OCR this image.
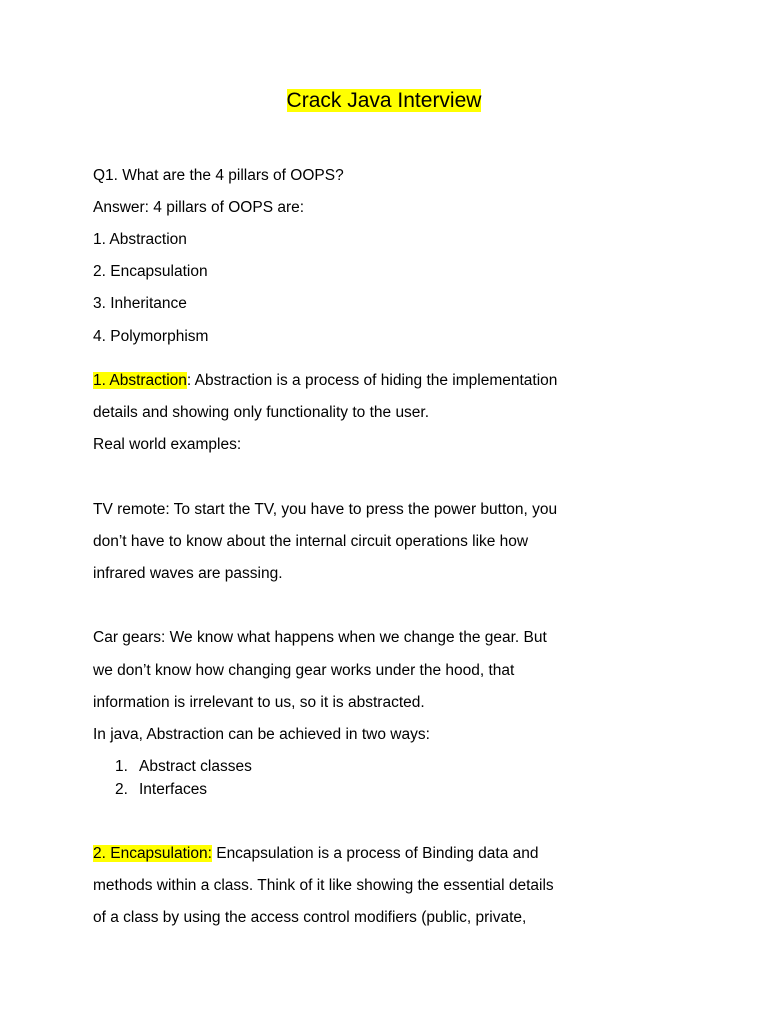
Crack Java Interview
Q1. What are the 4 pillars of OOPS?
Answer: 4 pillars of OOPS are:
1. Abstraction
2. Encapsulation
3. Inheritance
4. Polymorphism
1. Abstraction: Abstraction is a process of hiding the implementation
details and showing only functionality to the user.
Real world examples:
TV remote: To start the TV, you have to press the power button, you
don’t have to know about the internal circuit operations like how
infrared waves are passing.
Car gears: We know what happens when we change the gear. But
we don’t know how changing gear works under the hood, that
information is irrelevant to us, so it is abstracted.
In java, Abstraction can be achieved in two ways:
1. Abstract classes
2. Interfaces
2. Encapsulation: Encapsulation is a process of Binding data and
methods within a class. Think of it like showing the essential details
of a class by using the access control modifiers (public, private,
